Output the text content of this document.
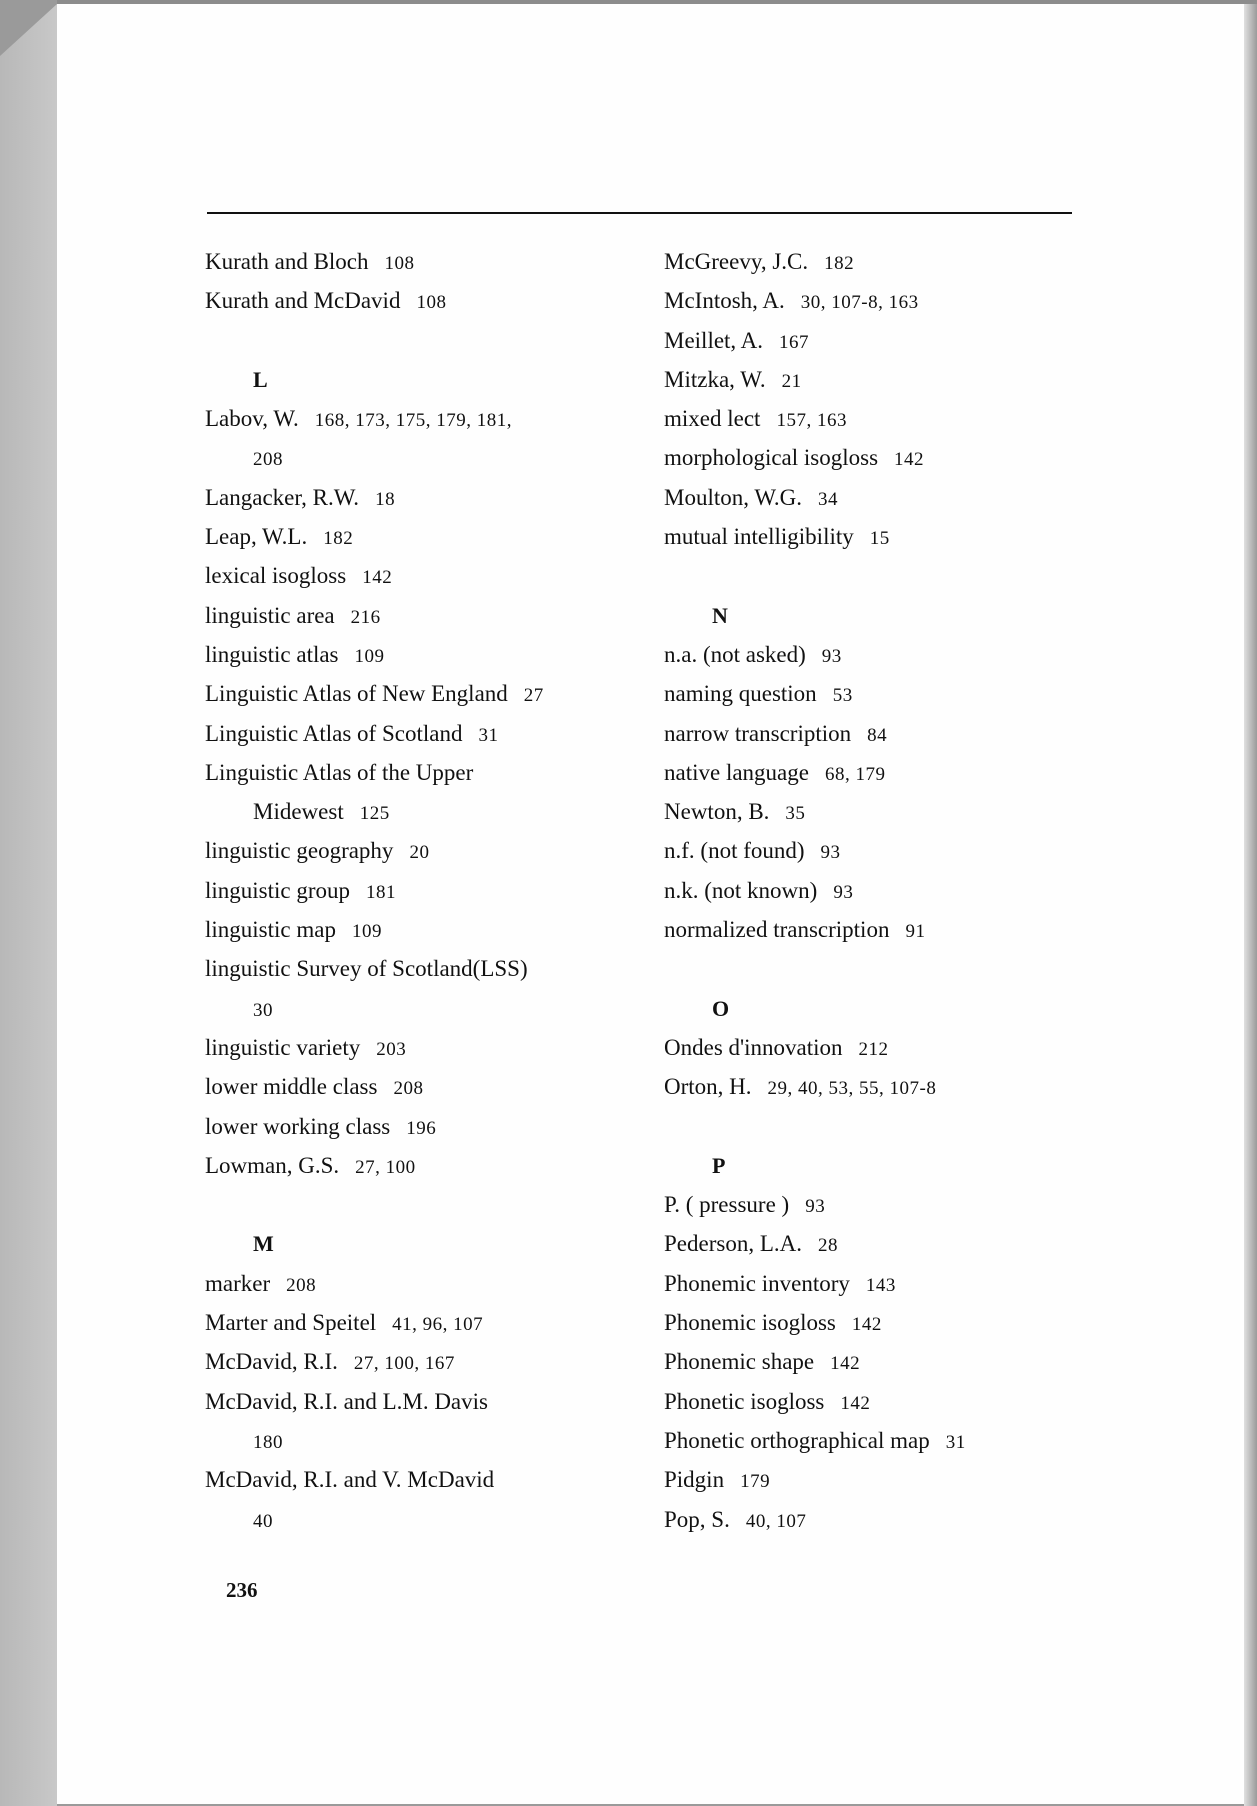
Kurath and Bloch 108
Kurath and McDavid 108
L
Labov, W. 168, 173, 175, 179, 181,
208
Langacker, R.W. 18
Leap, W.L. 182
lexical isogloss 142
linguistic area 216
linguistic atlas 109
Linguistic Atlas of New England 27
Linguistic Atlas of Scotland 31
Linguistic Atlas of the Upper
Midewest 125
linguistic geography 20
linguistic group 181
linguistic map 109
linguistic Survey of Scotland(LSS)
30
linguistic variety 203
lower middle class 208
lower working class 196
Lowman, G.S. 27, 100
M
marker 208
Marter and Speitel 41, 96, 107
McDavid, R.I. 27, 100, 167
McDavid, R.I. and L.M. Davis
180
McDavid, R.I. and V. McDavid
40
McGreevy, J.C. 182
McIntosh, A. 30, 107-8, 163
Meillet, A. 167
Mitzka, W. 21
mixed lect 157, 163
morphological isogloss 142
Moulton, W.G. 34
mutual intelligibility 15
N
n.a. (not asked) 93
naming question 53
narrow transcription 84
native language 68, 179
Newton, B. 35
n.f. (not found) 93
n.k. (not known) 93
normalized transcription 91
O
Ondes d'innovation 212
Orton, H. 29, 40, 53, 55, 107-8
P
P. ( pressure ) 93
Pederson, L.A. 28
Phonemic inventory 143
Phonemic isogloss 142
Phonemic shape 142
Phonetic isogloss 142
Phonetic orthographical map 31
Pidgin 179
Pop, S. 40, 107
236
